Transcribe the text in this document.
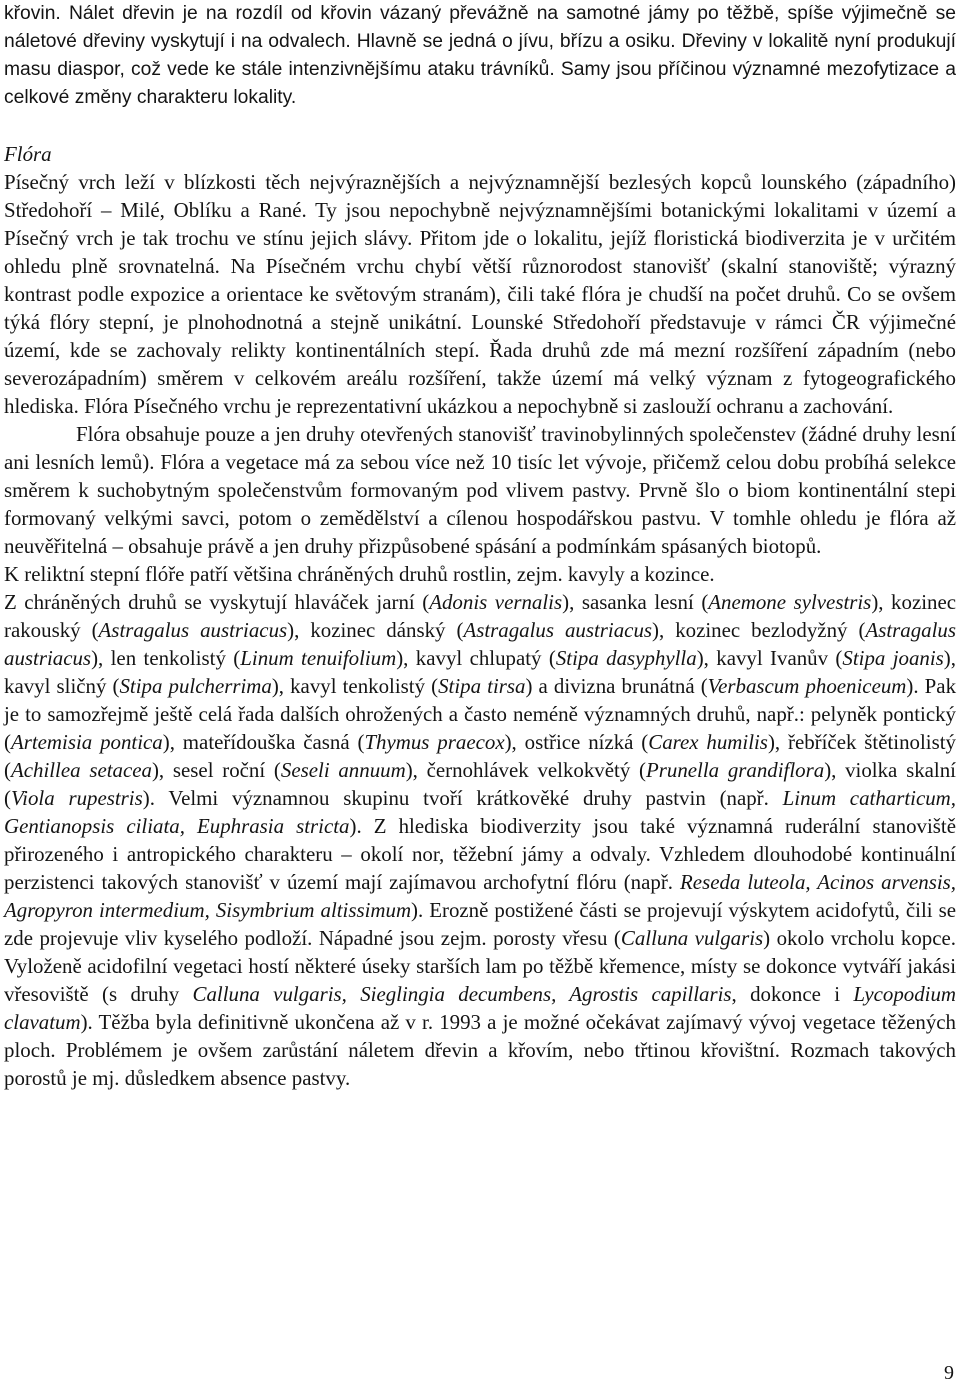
křovin. Nálet dřevin je na rozdíl od křovin vázaný převážně na samotné jámy po těžbě, spíše výjimečně se náletové dřeviny vyskytují i na odvalech. Hlavně se jedná o jívu, břízu a osiku. Dřeviny v lokalitě nyní produkují masu diaspor, což vede ke stále intenzivnějšímu ataku trávníků. Samy jsou příčinou významné mezofytizace a celkové změny charakteru lokality.

Flóra

Písečný vrch leží v blízkosti těch nejvýraznějších a nejvýznamnější bezlesých kopců lounského (západního) Středohoří – Milé, Oblíku a Rané. Ty jsou nepochybně nejvýznamnějšími botanickými lokalitami v území a Písečný vrch je tak trochu ve stínu jejich slávy. Přitom jde o lokalitu, jejíž floristická biodiverzita je v určitém ohledu plně srovnatelná. Na Písečném vrchu chybí větší různorodost stanovišť (skalní stanoviště; výrazný kontrast podle expozice a orientace ke světovým stranám), čili také flóra je chudší na počet druhů. Co se ovšem týká flóry stepní, je plnohodnotná a stejně unikátní. Lounské Středohoří představuje v rámci ČR výjimečné území, kde se zachovaly relikty kontinentálních stepí. Řada druhů zde má mezní rozšíření západním (nebo severozápadním) směrem v celkovém areálu rozšíření, takže území má velký význam z fytogeografického hlediska. Flóra Písečného vrchu je reprezentativní ukázkou a nepochybně si zaslouží ochranu a zachování.

Flóra obsahuje pouze a jen druhy otevřených stanovišť travinobylinných společenstev (žádné druhy lesní ani lesních lemů). Flóra a vegetace má za sebou více než 10 tisíc let vývoje, přičemž celou dobu probíhá selekce směrem k suchobytným společenstvům formovaným pod vlivem pastvy. Prvně šlo o biom kontinentální stepi formovaný velkými savci, potom o zemědělství a cílenou hospodářskou pastvu. V tomhle ohledu je flóra až neuvěřitelná – obsahuje právě a jen druhy přizpůsobené spásání a podmínkám spásaných biotopů.

K reliktní stepní flóře patří většina chráněných druhů rostlin, zejm. kavyly a kozince.

Z chráněných druhů se vyskytují hlaváček jarní (Adonis vernalis), sasanka lesní (Anemone sylvestris), kozinec rakouský (Astragalus austriacus), kozinec dánský (Astragalus austriacus), kozinec bezlodyžný (Astragalus austriacus), len tenkolistý (Linum tenuifolium), kavyl chlupatý (Stipa dasyphylla), kavyl Ivanův (Stipa joanis), kavyl sličný (Stipa pulcherrima), kavyl tenkolistý (Stipa tirsa) a divizna brunátná (Verbascum phoeniceum). Pak je to samozřejmě ještě celá řada dalších ohrožených a často neméně významných druhů, např.: pelyněk pontický (Artemisia pontica), mateřídouška časná (Thymus praecox), ostřice nízká (Carex humilis), řebříček štětinolistý (Achillea setacea), sesel roční (Seseli annuum), černohlávek velkokvětý (Prunella grandiflora), violka skalní (Viola rupestris). Velmi významnou skupinu tvoří krátkověké druhy pastvin (např. Linum catharticum, Gentianopsis ciliata, Euphrasia stricta). Z hlediska biodiverzity jsou také významná ruderální stanoviště přirozeného i antropického charakteru – okolí nor, těžební jámy a odvaly. Vzhledem dlouhodobé kontinuální perzistenci takových stanovišť v území mají zajímavou archofytní flóru (např. Reseda luteola, Acinos arvensis, Agropyron intermedium, Sisymbrium altissimum). Erozně postižené části se projevují výskytem acidofytů, čili se zde projevuje vliv kyselého podloží. Nápadné jsou zejm. porosty vřesu (Calluna vulgaris) okolo vrcholu kopce. Vyloženě acidofilní vegetaci hostí některé úseky starších lam po těžbě křemence, místy se dokonce vytváří jakási vřesoviště (s druhy Calluna vulgaris, Sieglingia decumbens, Agrostis capillaris, dokonce i Lycopodium clavatum). Těžba byla definitivně ukončena až v r. 1993 a je možné očekávat zajímavý vývoj vegetace těžených ploch. Problémem je ovšem zarůstání náletem dřevin a křovím, nebo třtinou křovištní. Rozmach takových porostů je mj. důsledkem absence pastvy.

9
